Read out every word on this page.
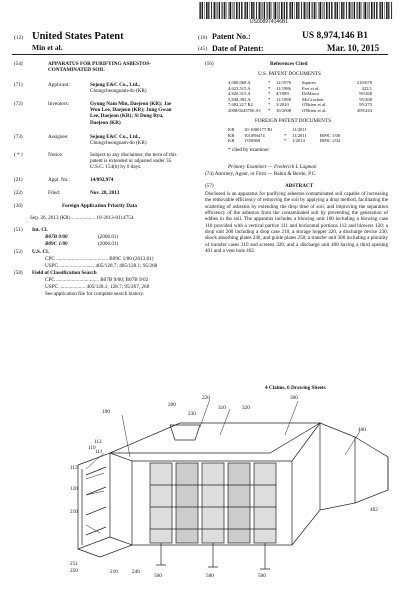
US008974146B1
(12) United States Patent
Min et al.
(10) Patent No.:	US 8,974,146 B1
(45) Date of Patent:	Mar. 10, 2015
(54)	APPARATUS FOR PURIFYING ASBESTOS-CONTAMINATED SOIL
(71)	Applicant:	Sejong E&C Co., Ltd.,
Chungcheongnam-do (KR)
(72)	Inventors:	Gyung Nam Min, Daejeon (KR); Jae
Won Lee, Daejeon (KR); Jung Gwan
Lee, Daejeon (KR); Si Dong Ryu,
Daejeon (KR)
(73)	Assignee:	Sejong E&C Co., Ltd.,
Chungcheongnam-do (KR)
( * )	Notice:	Subject to any disclaimer, the term of this
patent is extended or adjusted under 35
U.S.C. 154(b) by 0 days.
(21)	Appl. No.:	14/092,974
(22)	Filed:	Nov. 28, 2013
(30)	Foreign Application Priority Data
Sep. 26, 2013 (KR) .................. 10-2013-0114754
(51) Int. Cl.
B07B 9/00	(2006.01)
B09C 1/00	(2006.01)
(52) U.S. Cl.
CPC ........................................ B09C 1/00 (2013.01)
USPC ........................... 405/128.7; 405/128.1; 95/268
(58) Field of Classification Search
CPC ................................. B07B 9/00; B07B 9/02
USPC .................... 405/128.1, 128.7; 95/267, 268
See application file for complete search history.
(56)	References Cited
U.S. PATENT DOCUMENTS
4,000,068 A	*	12/1976	Squires	210/678
4,623,515 A	*	11/1986	Frei et al.	422/1
4,820,315 A	*	4/1989	DeMarco	95/268
5,848,382 A	*	11/1998	McCracken	95/268
7,682,217 B2	*	3/2010	O'Brien et al.	95/275
2008/0245706 A1	*	10/2008	O'Brien et al.	209/243
FOREIGN PATENT DOCUMENTS
KR	10-1080177 B1		11/2011	
KR	101089474	*	11/2011	B09C 1/00
KR	1350968	*	1/2014	B09C 1/04
* cited by examiner
Primary Examiner — Frederick L Lagman
(74) Attorney, Agent, or Firm — Rabin & Berdo, P.C.
(57)	ABSTRACT
Disclosed is an apparatus for purifying asbestos-contaminated soil capable of increasing the removable efficiency of removing the soil by applying a drop method, facilitating the scattering of asbestos by extending the drop time of soil, and improving the separation efficiency of the asbestos from the contaminated soil by preventing the generation of eddies in the soil. The apparatus includes a blowing unit 100 including a blowing case 110 provided with a vertical partice 111 and horizontal portions 112 and blowers 120; a drop unit 200 including a drop case 210, a storage hopper 220, a discharge device 230, shock absorbing plates 240, and guide plates 250; a transfer unit 300 including a plurality of transfer cases 310 and screens 320; and a discharge unit 400 having a third opening 401 and a vent hole 402.
4 Claims, 6 Drawing Sheets
100
200
220
230
310	320
300
400
402
110
112
111
113
120
210
251
250	210	240
500	500	500
